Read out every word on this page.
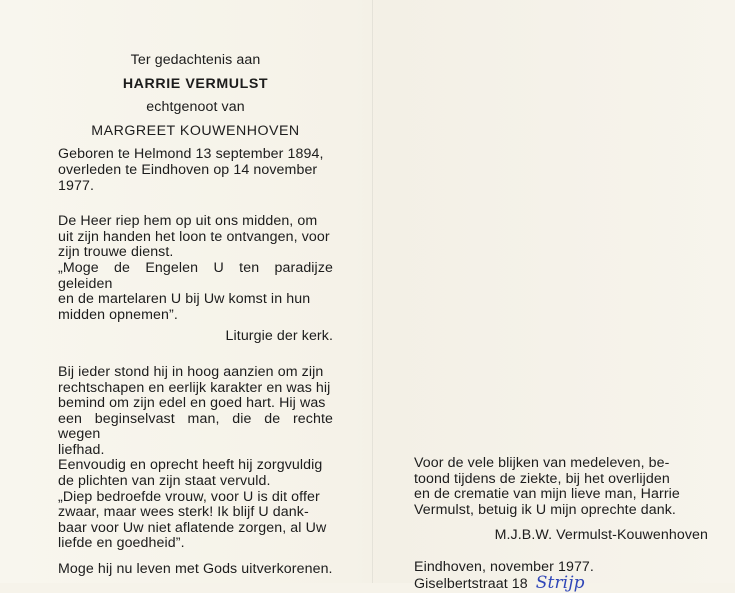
Ter gedachtenis aan

HARRIE VERMULST

echtgenoot van

MARGREET KOUWENHOVEN

Geboren te Helmond 13 september 1894,
overleden te Eindhoven op 14 november
1977.

De Heer riep hem op uit ons midden, om
uit zijn handen het loon te ontvangen, voor
zijn trouwe dienst.

„Moge de Engelen U ten paradijze geleiden
en de martelaren U bij Uw komst in hun
midden opnemen”.

Liturgie der kerk.

Bij ieder stond hij in hoog aanzien om zijn
rechtschapen en eerlijk karakter en was hij
bemind om zijn edel en goed hart. Hij was
een beginselvast man, die de rechte wegen
liefhad.

Eenvoudig en oprecht heeft hij zorgvuldig
de plichten van zijn staat vervuld.

„Diep bedroefde vrouw, voor U is dit offer
zwaar, maar wees sterk! Ik blijf U dank-
baar voor Uw niet aflatende zorgen, al Uw
liefde en goedheid”.

Moge hij nu leven met Gods uitverkorenen.

Voor de vele blijken van medeleven, be-
toond tijdens de ziekte, bij het overlijden
en de crematie van mijn lieve man, Harrie
Vermulst, betuig ik U mijn oprechte dank.

M.J.B.W. Vermulst-Kouwenhoven

Eindhoven, november 1977.

Giselbertstraat 18 Strijp
